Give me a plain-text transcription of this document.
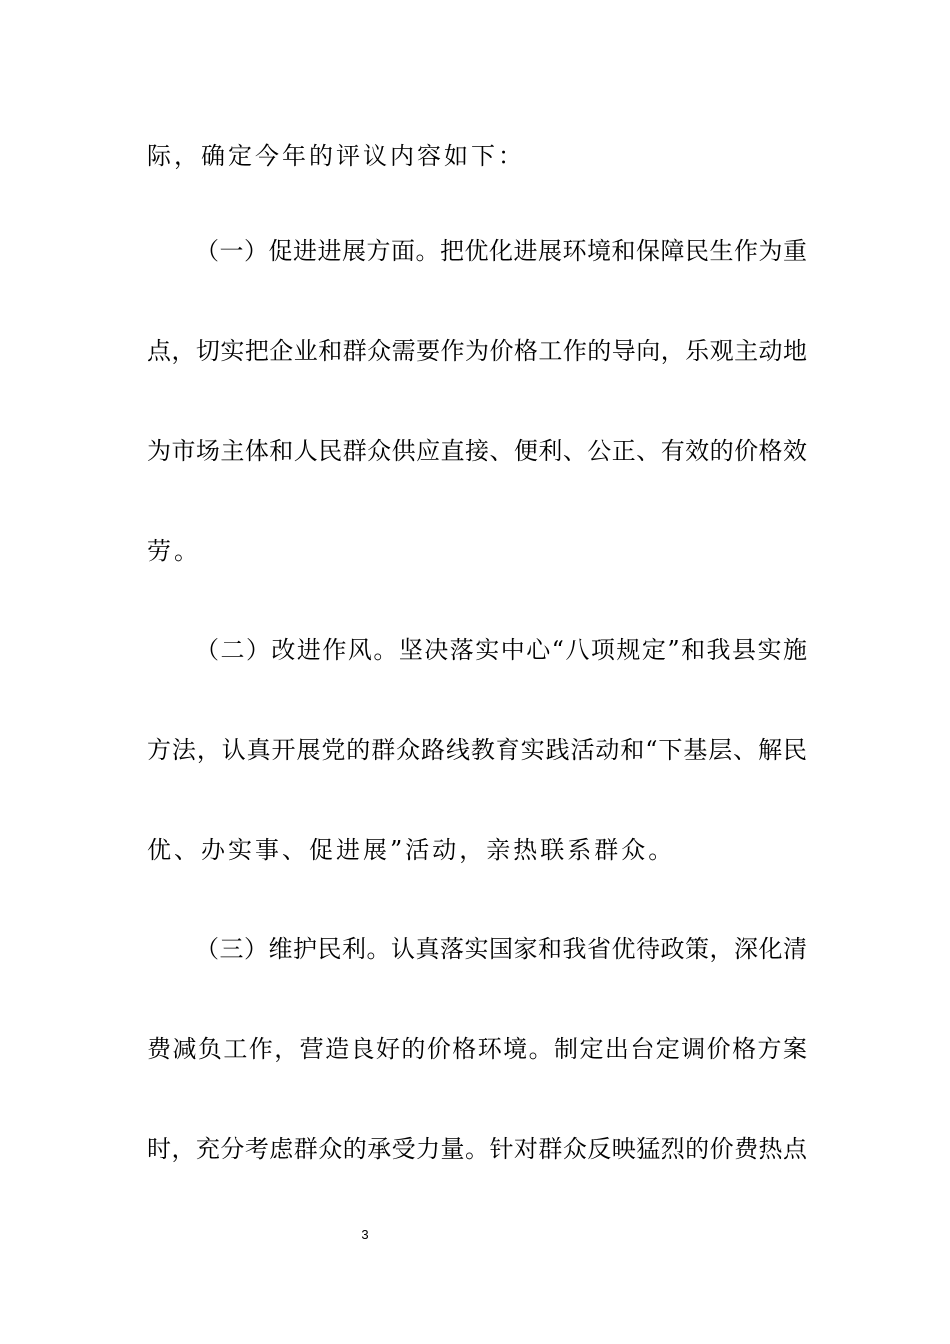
际，确定今年的评议内容如下：
（一）促进进展方面。把优化进展环境和保障民生作为重
点，切实把企业和群众需要作为价格工作的导向，乐观主动地
为市场主体和人民群众供应直接、便利、公正、有效的价格效
劳。
（二）改进作风。坚决落实中心“八项规定”和我县实施
方法，认真开展党的群众路线教育实践活动和“下基层、解民
优、办实事、促进展”活动，亲热联系群众。
（三）维护民利。认真落实国家和我省优待政策，深化清
费减负工作，营造良好的价格环境。制定出台定调价格方案
时，充分考虑群众的承受力量。针对群众反映猛烈的价费热点
3
